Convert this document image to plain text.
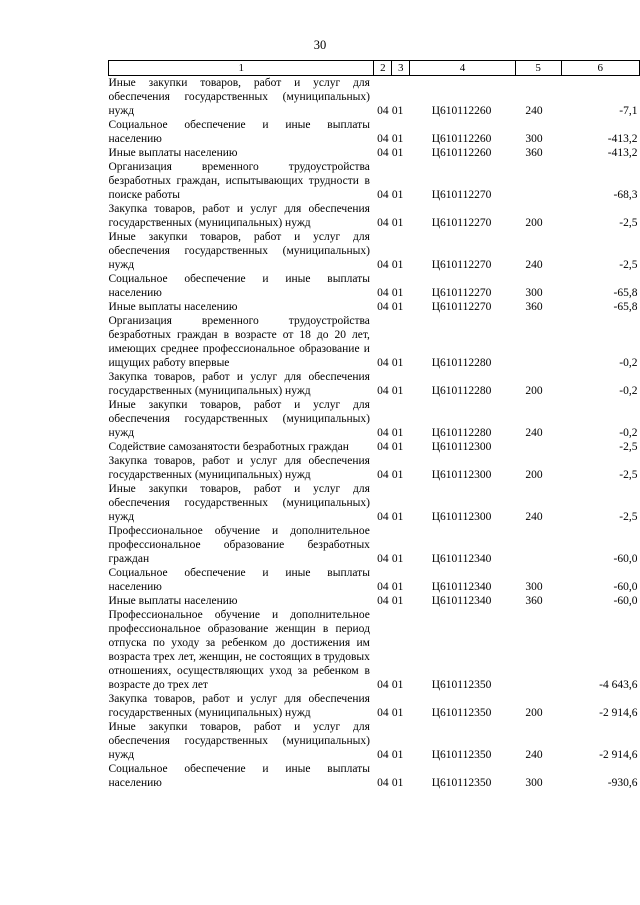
30
1	2	3	4	5	6
Иные закупки товаров, работ и услуг для обеспечения государственных (муниципальных) нужд	04	01	Ц610112260	240	-7,1
Социальное обеспечение и иные выплаты населению	04	01	Ц610112260	300	-413,2
Иные выплаты населению	04	01	Ц610112260	360	-413,2
Организация временного трудоустройства безработных граждан, испытывающих трудности в поиске работы	04	01	Ц610112270		-68,3
Закупка товаров, работ и услуг для обеспечения государственных (муниципальных) нужд	04	01	Ц610112270	200	-2,5
Иные закупки товаров, работ и услуг для обеспечения государственных (муниципальных) нужд	04	01	Ц610112270	240	-2,5
Социальное обеспечение и иные выплаты населению	04	01	Ц610112270	300	-65,8
Иные выплаты населению	04	01	Ц610112270	360	-65,8
Организация временного трудоустройства безработных граждан в возрасте от 18 до 20 лет, имеющих среднее профессиональное образование и ищущих работу впервые	04	01	Ц610112280		-0,2
Закупка товаров, работ и услуг для обеспечения государственных (муниципальных) нужд	04	01	Ц610112280	200	-0,2
Иные закупки товаров, работ и услуг для обеспечения государственных (муниципальных) нужд	04	01	Ц610112280	240	-0,2
Содействие самозанятости безработных граждан	04	01	Ц610112300		-2,5
Закупка товаров, работ и услуг для обеспечения государственных (муниципальных) нужд	04	01	Ц610112300	200	-2,5
Иные закупки товаров, работ и услуг для обеспечения государственных (муниципальных) нужд	04	01	Ц610112300	240	-2,5
Профессиональное обучение и дополнительное профессиональное образование безработных граждан	04	01	Ц610112340		-60,0
Социальное обеспечение и иные выплаты населению	04	01	Ц610112340	300	-60,0
Иные выплаты населению	04	01	Ц610112340	360	-60,0
Профессиональное обучение и дополнительное профессиональное образование женщин в период отпуска по уходу за ребенком до достижения им возраста трех лет, женщин, не состоящих в трудовых отношениях, осуществляющих уход за ребенком в возрасте до трех лет	04	01	Ц610112350		-4 643,6
Закупка товаров, работ и услуг для обеспечения государственных (муниципальных) нужд	04	01	Ц610112350	200	-2 914,6
Иные закупки товаров, работ и услуг для обеспечения государственных (муниципальных) нужд	04	01	Ц610112350	240	-2 914,6
Социальное обеспечение и иные выплаты населению	04	01	Ц610112350	300	-930,6
